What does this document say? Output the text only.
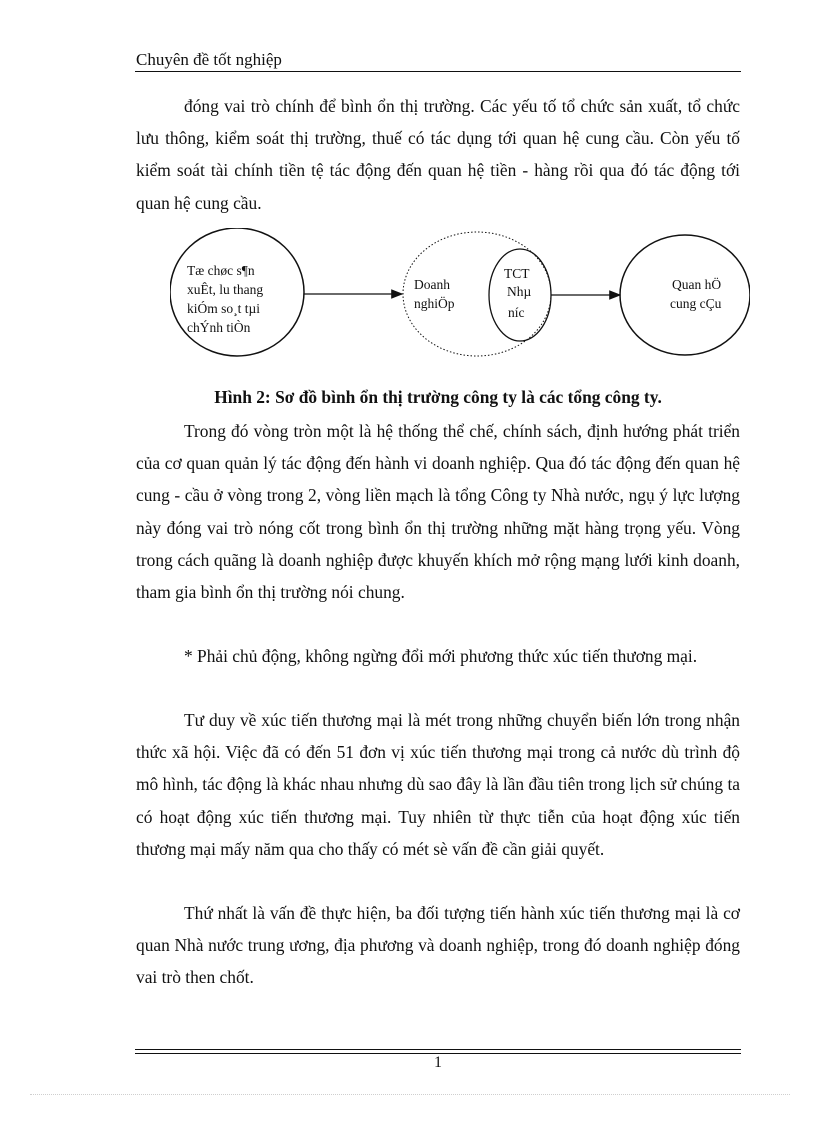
Chuyên đề tốt nghiệp

đóng vai trò chính để bình ổn thị trường. Các yếu tố tổ chức sản xuất, tổ chức lưu thông, kiểm soát thị trường, thuế có tác dụng tới quan hệ cung cầu. Còn yếu tố kiểm soát tài chính tiền tệ tác động đến quan hệ tiền - hàng rồi qua đó tác động tới quan hệ cung cầu.

Tæ chøc s¶n
xuÊt, lu thang
kiÓm so¸t tµi
chÝnh tiÒn
Doanh
nghiÖp
TCT
Nhµ
níc
Quan hÖ
cung cÇu
Hình 2: Sơ đồ bình ổn thị trường công ty là các tổng công ty.

Trong đó vòng tròn một là hệ thống thể chế, chính sách, định hướng phát triển của cơ quan quản lý tác động đến hành vi doanh nghiệp. Qua đó tác động đến quan hệ cung - cầu ở vòng trong 2, vòng liền mạch là tổng Công ty Nhà nước, ngụ ý lực lượng này đóng vai trò nóng cốt trong bình ổn thị trường những mặt hàng trọng yếu. Vòng trong cách quãng là doanh nghiệp được khuyến khích mở rộng mạng lưới kinh doanh, tham gia bình ổn thị trường nói chung.

* Phải chủ động, không ngừng đổi mới phương thức xúc tiến thương mại.

Tư duy về xúc tiến thương mại là mét trong những chuyển biến lớn trong nhận thức xã hội. Việc đã có đến 51 đơn vị xúc tiến thương mại trong cả nước dù trình độ mô hình, tác động là khác nhau nhưng dù sao đây là lần đầu tiên trong lịch sử chúng ta có hoạt động xúc tiến thương mại. Tuy nhiên từ thực tiễn của hoạt động xúc tiến thương mại mấy năm qua cho thấy có mét sè vấn đề cần giải quyết.

Thứ nhất là vấn đề thực hiện, ba đối tượng tiến hành xúc tiến thương mại là cơ quan Nhà nước trung ương, địa phương và doanh nghiệp, trong đó doanh nghiệp đóng vai trò then chốt.

1
